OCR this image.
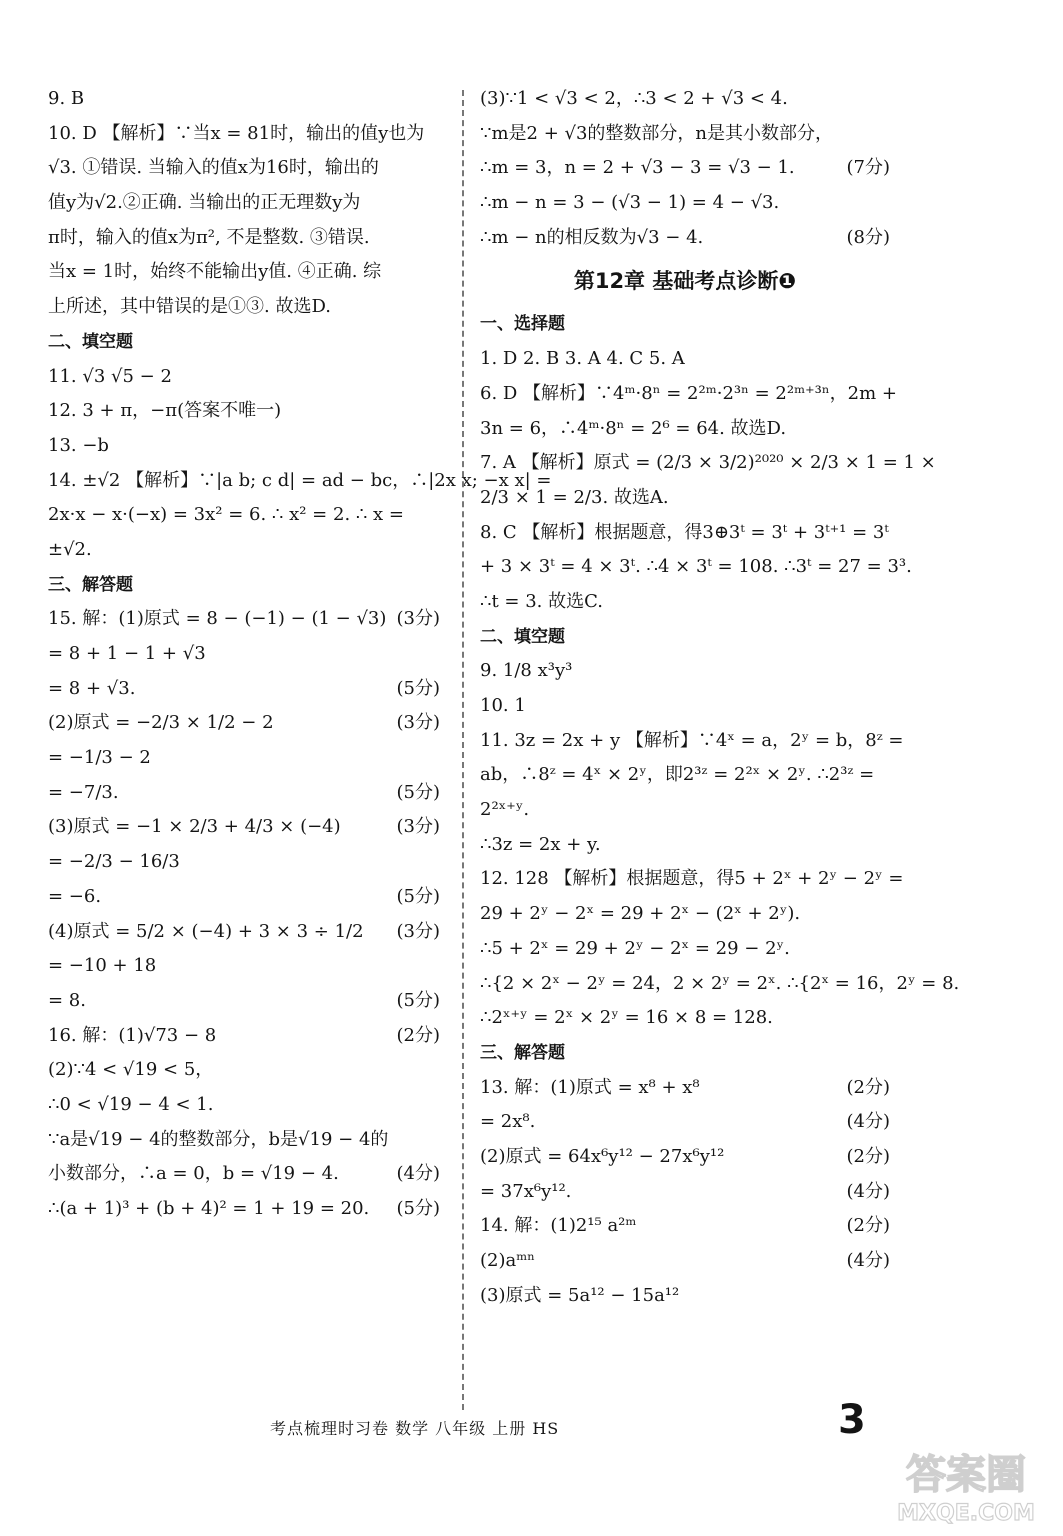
9. B
10. D 【解析】∵当x = 81时，输出的值y也为
√3. ①错误. 当输入的值x为16时，输出的
值y为√2.②正确. 当输出的正无理数y为
π时，输入的值x为π², 不是整数. ③错误.
当x = 1时，始终不能输出y值. ④正确. 综
上所述，其中错误的是①③. 故选D.
二、填空题
11. √3 √5 − 2
12. 3 + π，−π(答案不唯一)
13. −b
14. ±√2 【解析】∵|a b; c d| = ad − bc，∴|2x x; −x x| =
2x·x − x·(−x) = 3x² = 6. ∴ x² = 2. ∴ x =
±√2.
三、解答题
15. 解：(1)原式 = 8 − (−1) − (1 − √3) (3分)
= 8 + 1 − 1 + √3
= 8 + √3.	(5分)
(2)原式 = −2/3 × 1/2 − 2	(3分)
= −1/3 − 2
= −7/3.	(5分)
(3)原式 = −1 × 2/3 + 4/3 × (−4)	(3分)
= −2/3 − 16/3
= −6.	(5分)
(4)原式 = 5/2 × (−4) + 3 × 3 ÷ 1/2 (3分)
= −10 + 18
= 8.	(5分)
16. 解：(1)√73 − 8	(2分)
(2)∵4 < √19 < 5，
∴0 < √19 − 4 < 1.
∵a是√19 − 4的整数部分，b是√19 − 4的
小数部分，∴a = 0，b = √19 − 4.	(4分)
∴(a + 1)³ + (b + 4)² = 1 + 19 = 20. (5分)
(3)∵1 < √3 < 2，∴3 < 2 + √3 < 4.
∵m是2 + √3的整数部分，n是其小数部分，
∴m = 3，n = 2 + √3 − 3 = √3 − 1.	(7分)
∴m − n = 3 − (√3 − 1) = 4 − √3.
∴m − n的相反数为√3 − 4.	(8分)
第12章 基础考点诊断❶
一、选择题
1. D 2. B 3. A 4. C 5. A
6. D 【解析】∵4ᵐ·8ⁿ = 2²ᵐ·2³ⁿ = 2²ᵐ⁺³ⁿ，2m +
3n = 6，∴4ᵐ·8ⁿ = 2⁶ = 64. 故选D.
7. A 【解析】原式 = (2/3 × 3/2)²⁰²⁰ × 2/3 × 1 = 1 ×
2/3 × 1 = 2/3. 故选A.
8. C 【解析】根据题意，得3⊕3ᵗ = 3ᵗ + 3ᵗ⁺¹ = 3ᵗ
+ 3 × 3ᵗ = 4 × 3ᵗ. ∴4 × 3ᵗ = 108. ∴3ᵗ = 27 = 3³.
∴t = 3. 故选C.
二、填空题
9. 1/8 x³y³
10. 1
11. 3z = 2x + y 【解析】∵4ˣ = a，2ʸ = b，8ᶻ =
ab，∴8ᶻ = 4ˣ × 2ʸ，即2³ᶻ = 2²ˣ × 2ʸ. ∴2³ᶻ =
2²ˣ⁺ʸ.
∴3z = 2x + y.
12. 128 【解析】根据题意，得5 + 2ˣ + 2ʸ − 2ʸ =
29 + 2ʸ − 2ˣ = 29 + 2ˣ − (2ˣ + 2ʸ).
∴5 + 2ˣ = 29 + 2ʸ − 2ˣ = 29 − 2ʸ.
∴{2 × 2ˣ − 2ʸ = 24，2 × 2ʸ = 2ˣ. ∴{2ˣ = 16，2ʸ = 8.
∴2ˣ⁺ʸ = 2ˣ × 2ʸ = 16 × 8 = 128.
三、解答题
13. 解：(1)原式 = x⁸ + x⁸	(2分)
= 2x⁸.	(4分)
(2)原式 = 64x⁶y¹² − 27x⁶y¹²	(2分)
= 37x⁶y¹².	(4分)
14. 解：(1)2¹⁵ a²ᵐ	(2分)
(2)aᵐⁿ	(4分)
(3)原式 = 5a¹² − 15a¹²
考点梳理时习卷 数学 八年级 上册 HS	3
答案圈
MXQE.COM
